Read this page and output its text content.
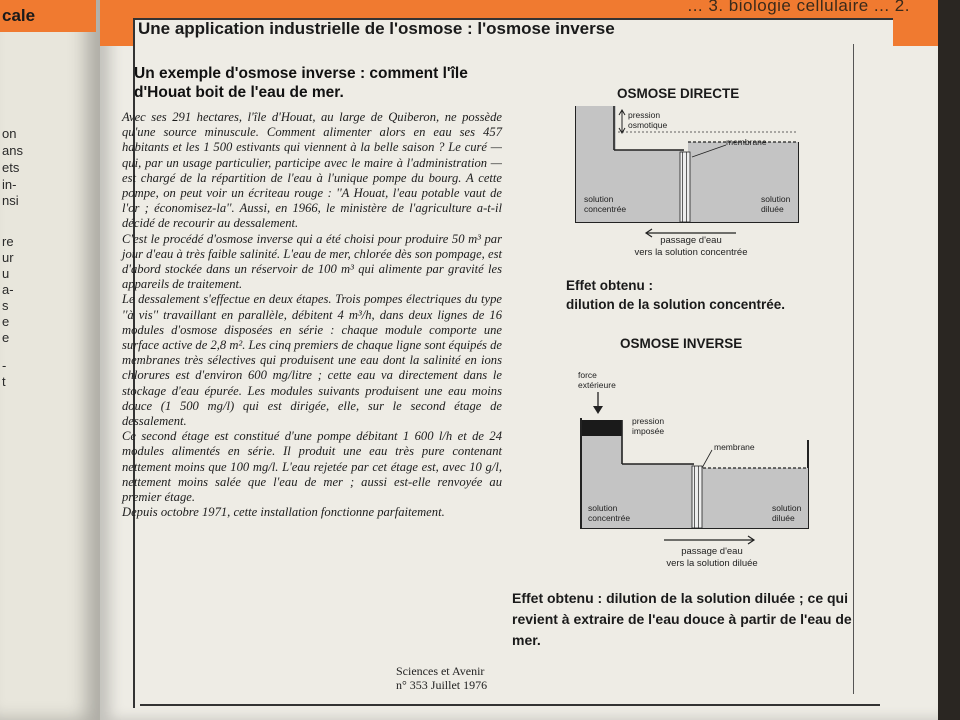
cale
on
ans
ets
in-
nsi
re
ur
u
a-
s
e
e
-
t
... 3. biologie cellulaire ... 2.
Une application industrielle de l'osmose : l'osmose inverse
Un exemple d'osmose inverse : comment l'île d'Houat boit de l'eau de mer.

Avec ses 291 hectares, l'île d'Houat, au large de Quiberon, ne possède qu'une source minuscule. Comment alimenter alors en eau ses 457 habitants et les 1 500 estivants qui viennent à la belle saison ? Le curé — qui, par un usage particulier, participe avec le maire à l'administration — est chargé de la répartition de l'eau à l'unique pompe du bourg. A cette pompe, on peut voir un écriteau rouge : ''A Houat, l'eau potable vaut de l'or ; économisez-la''. Aussi, en 1966, le ministère de l'agriculture a-t-il décidé de recourir au dessalement.

C'est le procédé d'osmose inverse qui a été choisi pour produire 50 m³ par jour d'eau à très faible salinité. L'eau de mer, chlorée dès son pompage, est d'abord stockée dans un réservoir de 100 m³ qui alimente par gravité les appareils de traitement.

Le dessalement s'effectue en deux étapes. Trois pompes électriques du type ''à vis'' travaillant en parallèle, débitent 4 m³/h, dans deux lignes de 16 modules d'osmose disposées en série : chaque module comporte une surface active de 2,8 m². Les cinq premiers de chaque ligne sont équipés de membranes très sélectives qui produisent une eau dont la salinité en ions chlorures est d'environ 600 mg/litre ; cette eau va directement dans le stockage d'eau épurée. Les modules suivants produisent une eau moins douce (1 500 mg/l) qui est dirigée, elle, sur le second étage de dessalement.

Ce second étage est constitué d'une pompe débitant 1 600 l/h et de 24 modules alimentés en série. Il produit une eau très pure contenant nettement moins que 100 mg/l. L'eau rejetée par cet étage est, avec 10 g/l, nettement moins salée que l'eau de mer ; aussi est-elle renvoyée au premier étage.

Depuis octobre 1971, cette installation fonctionne parfaitement.

Sciences et Avenir
n° 353 Juillet 1976
OSMOSE DIRECTE
pression
osmotique
membrane
solution
concentrée
solution
diluée
passage d'eau
vers la solution concentrée
Effet obtenu :
dilution de la solution concentrée.
OSMOSE INVERSE
force
extérieure
pression
imposée
membrane
solution
concentrée
solution
diluée
passage d'eau
vers la solution diluée
Effet obtenu : dilution de la solution diluée ; ce qui revient à extraire de l'eau douce à partir de l'eau de mer.
